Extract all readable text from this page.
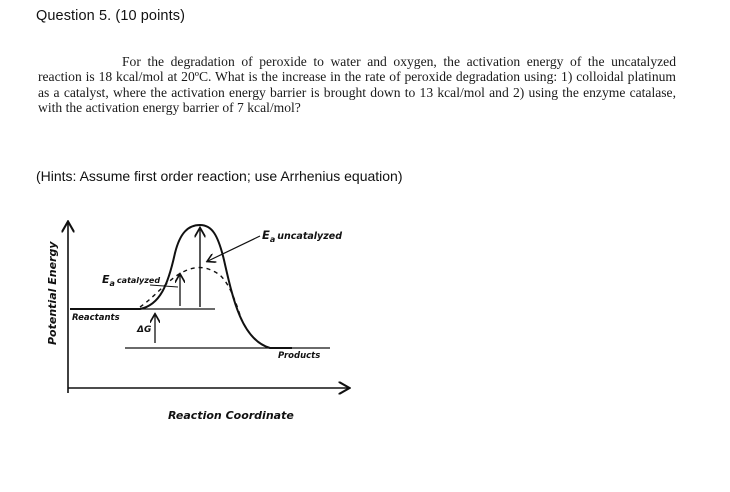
Question 5. (10 points)
For the degradation of peroxide to water and oxygen, the activation energy of the uncatalyzed reaction is 18 kcal/mol at 20ºC. What is the increase in the rate of peroxide degradation using: 1) colloidal platinum as a catalyst, where the activation energy barrier is brought down to 13 kcal/mol and 2) using the enzyme catalase, with the activation energy barrier of 7 kcal/mol?
(Hints: Assume first order reaction; use Arrhenius equation)
Potential Energy
$E_a$ $^{uncatalyzed}$
$E_a$ $^{catalyzed}$
Reactants
ΔG
Products
Reaction Coordinate
